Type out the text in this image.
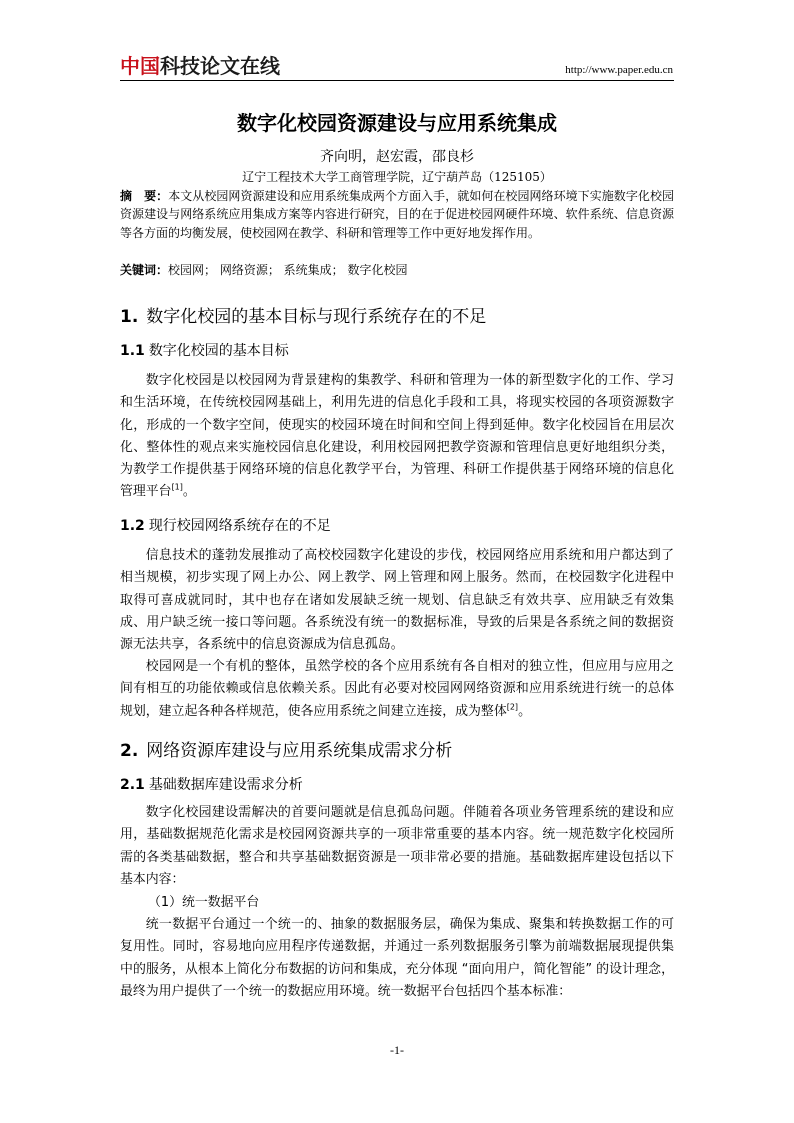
中国科技论文在线	http://www.paper.edu.cn
数字化校园资源建设与应用系统集成
齐向明，赵宏霞，邵良杉
辽宁工程技术大学工商管理学院，辽宁葫芦岛（125105）
摘　要：本文从校园网资源建设和应用系统集成两个方面入手，就如何在校园网络环境下实施数字化校园资源建设与网络系统应用集成方案等内容进行研究，目的在于促进校园网硬件环境、软件系统、信息资源等各方面的均衡发展，使校园网在教学、科研和管理等工作中更好地发挥作用。
关键词：校园网； 网络资源； 系统集成； 数字化校园
1. 数字化校园的基本目标与现行系统存在的不足
1.1 数字化校园的基本目标

数字化校园是以校园网为背景建构的集教学、科研和管理为一体的新型数字化的工作、学习和生活环境，在传统校园网基础上，利用先进的信息化手段和工具，将现实校园的各项资源数字化，形成的一个数字空间，使现实的校园环境在时间和空间上得到延伸。数字化校园旨在用层次化、整体性的观点来实施校园信息化建设，利用校园网把教学资源和管理信息更好地组织分类，为教学工作提供基于网络环境的信息化教学平台，为管理、科研工作提供基于网络环境的信息化管理平台[1]。

1.2 现行校园网络系统存在的不足

信息技术的蓬勃发展推动了高校校园数字化建设的步伐，校园网络应用系统和用户都达到了相当规模，初步实现了网上办公、网上教学、网上管理和网上服务。然而，在校园数字化进程中取得可喜成就同时，其中也存在诸如发展缺乏统一规划、信息缺乏有效共享、应用缺乏有效集成、用户缺乏统一接口等问题。各系统没有统一的数据标准，导致的后果是各系统之间的数据资源无法共享，各系统中的信息资源成为信息孤岛。

校园网是一个有机的整体，虽然学校的各个应用系统有各自相对的独立性，但应用与应用之间有相互的功能依赖或信息依赖关系。因此有必要对校园网网络资源和应用系统进行统一的总体规划，建立起各种各样规范，使各应用系统之间建立连接，成为整体[2]。

2. 网络资源库建设与应用系统集成需求分析
2.1 基础数据库建设需求分析

数字化校园建设需解决的首要问题就是信息孤岛问题。伴随着各项业务管理系统的建设和应用，基础数据规范化需求是校园网资源共享的一项非常重要的基本内容。统一规范数字化校园所需的各类基础数据，整合和共享基础数据资源是一项非常必要的措施。基础数据库建设包括以下基本内容：

（1）统一数据平台

统一数据平台通过一个统一的、抽象的数据服务层，确保为集成、聚集和转换数据工作的可复用性。同时，容易地向应用程序传递数据，并通过一系列数据服务引擎为前端数据展现提供集中的服务，从根本上简化分布数据的访问和集成，充分体现 “面向用户，简化智能” 的设计理念，最终为用户提供了一个统一的数据应用环境。统一数据平台包括四个基本标准：

-1-
